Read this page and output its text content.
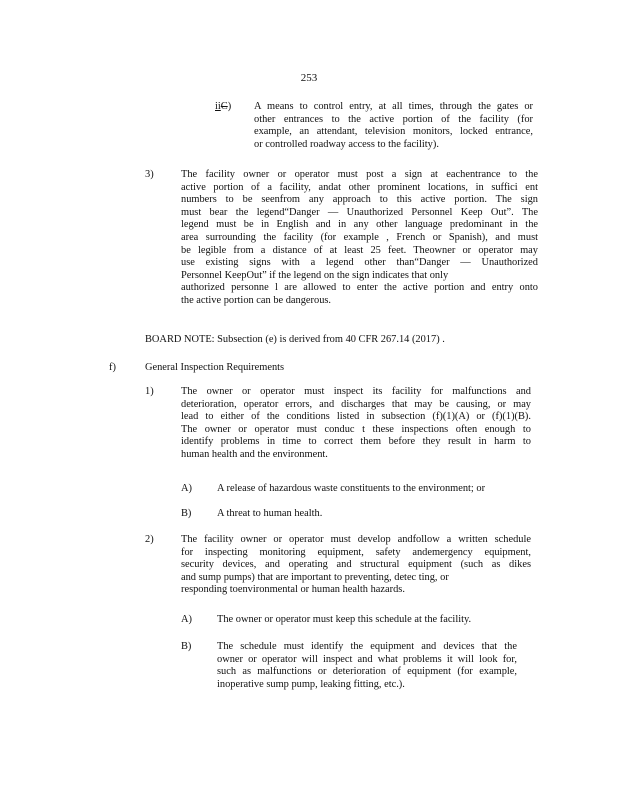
253
iiC) A means to control entry, at all times, through the gates or
other entrances to the active portion of the facility (for
example, an attendant, television monitors, locked entrance,
or controlled roadway access to the facility).
3)	The facility owner or operator must post a sign at eachentrance to the
active portion of a facility, andat other prominent locations, in suffici ent
numbers to be seenfrom any approach to this active portion. The sign
must bear the legend“Danger — Unauthorized Personnel Keep Out”. The
legend must be in English and in any other language predominant in the
area surrounding the facility (for example , French or Spanish), and must
be legible from a distance of at least 25 feet. Theowner or operator may
use existing signs with a legend other than“Danger — Unauthorized
Personnel KeepOut” if the legend on the sign indicates that only
authorized personne l are allowed to enter the active portion and entry onto
the active portion can be dangerous.
BOARD NOTE: Subsection (e) is derived from 40 CFR 267.14 (2017) .
f)	General Inspection Requirements
1)	The owner or operator must inspect its facility for malfunctions and
deterioration, operator errors, and discharges that may be causing, or may
lead to either of the conditions listed in subsection (f)(1)(A) or (f)(1)(B).
The owner or operator must conduc t these inspections often enough to
identify problems in time to correct them before they result in harm to
human health and the environment.
A) A release of hazardous waste constituents to the environment; or
B) A threat to human health.
2)	The facility owner or operator must develop andfollow a written schedule
for inspecting monitoring equipment, safety andemergency equipment,
security devices, and operating and structural equipment (such as dikes
and sump pumps) that are important to preventing, detec ting, or
responding toenvironmental or human health hazards.
A) The owner or operator must keep this schedule at the facility.
B) The schedule must identify the equipment and devices that the
owner or operator will inspect and what problems it will look for,
such as malfunctions or deterioration of equipment (for example,
inoperative sump pump, leaking fitting, etc.).
